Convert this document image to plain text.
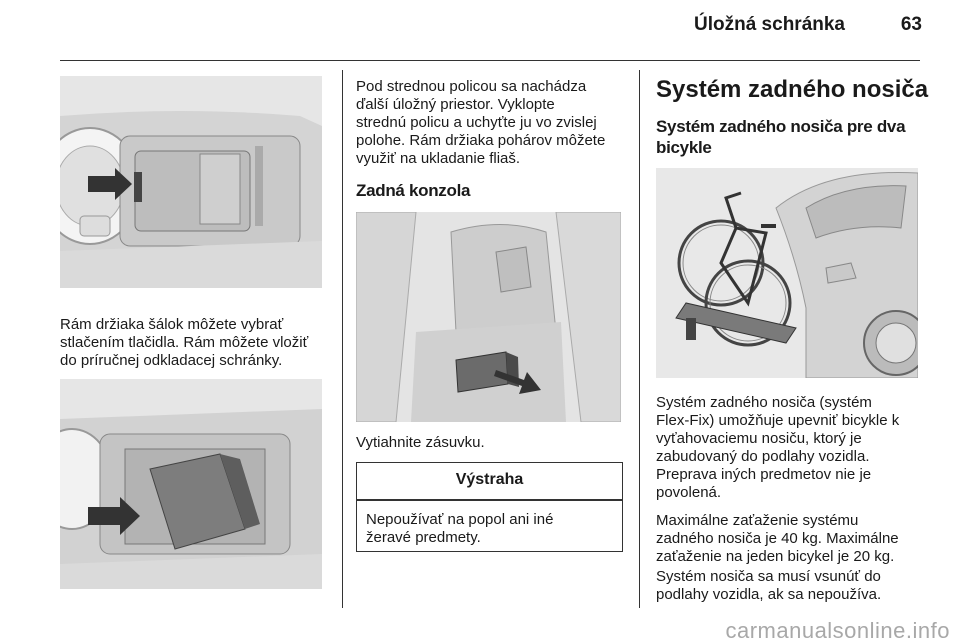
Úložná schránka	63
Rám držiaka šálok môžete vybrať
stlačením tlačidla. Rám môžete vložiť
do príručnej odkladacej schránky.
Pod strednou policou sa nachádza
ďalší úložný priestor. Vyklopte
strednú policu a uchyťte ju vo zvislej
polohe. Rám držiaka pohárov môžete
využiť na ukladanie fliaš.
Zadná konzola
Vytiahnite zásuvku.
Výstraha
Nepoužívať na popol ani iné
žeravé predmety.
Systém zadného nosiča
Systém zadného nosiča pre dva
bicykle
Systém zadného nosiča (systém
Flex-Fix) umožňuje upevniť bicykle k
vyťahovaciemu nosiču, ktorý je
zabudovaný do podlahy vozidla.
Preprava iných predmetov nie je
povolená.
Maximálne zaťaženie systému
zadného nosiča je 40 kg. Maximálne
zaťaženie na jeden bicykel je 20 kg.
Systém nosiča sa musí vsunúť do
podlahy vozidla, ak sa nepoužíva.
carmanualsonline.info
